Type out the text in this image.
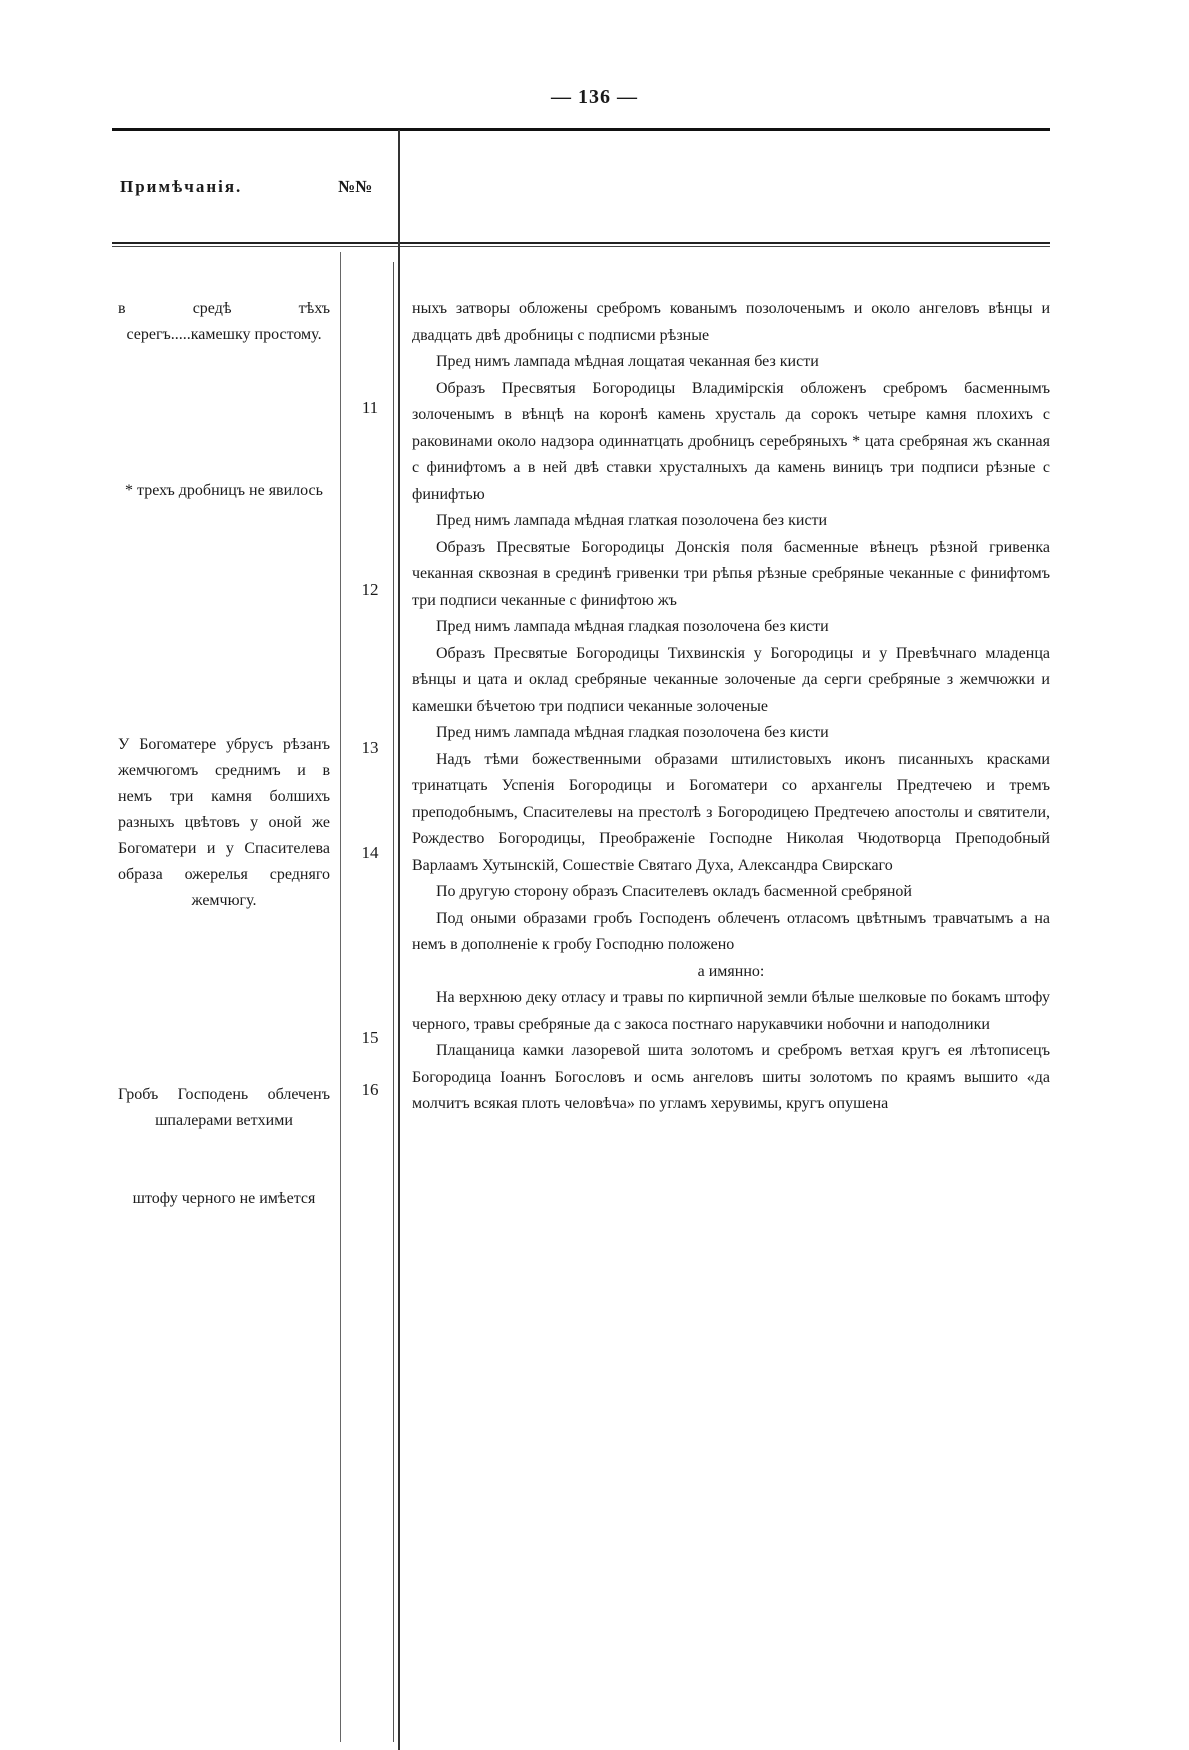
— 136 —
Примѣчанія.	№№
в средѣ тѣхъ серегъ.....камешку простому.
* трехъ дробницъ не явилось
У Богоматере убрусъ рѣзанъ жемчюгомъ среднимъ и в немъ три камня болшихъ разныхъ цвѣтовъ у оной же Богоматери и у Спасителева образа ожерелья средняго жемчюгу.
Гробъ Господень облеченъ шпалерами ветхими
штофу черного не имѣется
11
12
13
14
15
16

ныхъ затворы обложены сребромъ кованымъ позолоченымъ и около ангеловъ вѣнцы и двадцать двѣ дробницы с подписми рѣзные

Пред нимъ лампада мѣдная лощатая чеканная без кисти

Образъ Пресвятыя Богородицы Владимірскія обложенъ сребромъ басменнымъ золоченымъ в вѣнцѣ на коронѣ камень хрусталь да сорокъ четыре камня плохихъ с раковинами около надзора одиннатцать дробницъ серебряныхъ * цата сребряная жъ сканная с финифтомъ а в ней двѣ ставки хрусталныхъ да камень виницъ три подписи рѣзные с финифтью

Пред нимъ лампада мѣдная глаткая позолочена без кисти

Образъ Пресвятые Богородицы Донскія поля басменные вѣнецъ рѣзной гривенка чеканная сквозная в срединѣ гривенки три рѣпья рѣзные сребряные чеканные с финифтомъ три подписи чеканные с финифтою жъ

Пред нимъ лампада мѣдная гладкая позолочена без кисти

Образъ Пресвятые Богородицы Тихвинскія у Богородицы и у Превѣчнаго младенца вѣнцы и цата и оклад сребряные чеканные золоченые да серги сребряные з жемчюжки и камешки бѣчетою три подписи чеканные золоченые

Пред нимъ лампада мѣдная гладкая позолочена без кисти

Надъ тѣми божественными образами штилистовыхъ иконъ писанныхъ красками тринатцать Успенія Богородицы и Богоматери со архангелы Предтечею и тремъ преподобнымъ, Спасителевы на престолѣ з Богородицею Предтечею апостолы и святители, Рождество Богородицы, Преображеніе Господне Николая Чюдотворца Преподобный Варлаамъ Хутынскій, Сошествіе Святаго Духа, Александра Свирскаго

По другую сторону образъ Спасителевъ окладъ басменной сребряной

Под оными образами гробъ Господенъ облеченъ отласомъ цвѣтнымъ травчатымъ а на немъ в дополненіе к гробу Господню положено

а имянно:

На верхнюю деку отласу и травы по кирпичной земли бѣлые шелковые по бокамъ штофу черного, травы сребряные да с закоса постнаго нарукавчики нобочни и наподолники

Плащаница камки лазоревой шита золотомъ и сребромъ ветхая кругъ ея лѣтописецъ Богородица Іоаннъ Богословъ и осмь ангеловъ шиты золотомъ по краямъ вышито «да молчитъ всякая плоть человѣча» по угламъ херувимы, кругъ опушена
